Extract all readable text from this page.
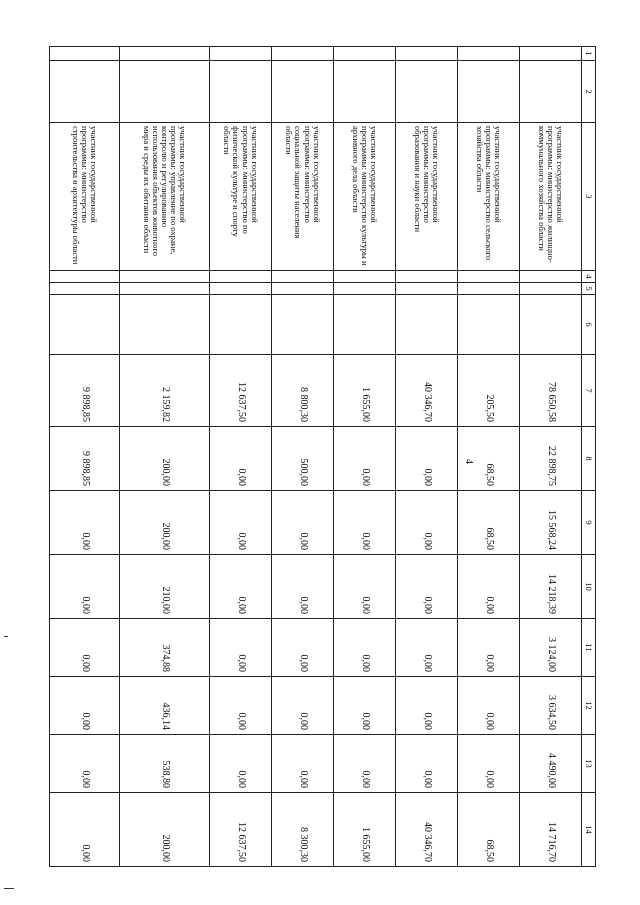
4
1	2	3	4	5	6	7	8	9	10	11	12	13	14
		участник государственной программы: министерство жилищно-коммунального хозяйства области				78 650,58	22 898,75	15 568,24	14 218,39	3 124,00	3 634,50	4 490,00	14 716,70
		участник государственной программы: министерство сельского хозяйства области				205,50	68,50	68,50	0,00	0,00	0,00	0,00	68,50
		участник государственной программы: министерство образования и науки области				40 346,70	0,00	0,00	0,00	0,00	0,00	0,00	40 346,70
		участник государственной программы: министерство культуры и архивного дела области				1 655,00	0,00	0,00	0,00	0,00	0,00	0,00	1 655,00
		участник государственной программы: министерство социальной защиты населения области				8 800,30	500,00	0,00	0,00	0,00	0,00	0,00	8 300,30
		участник государственной программы: министерство по физической культуре и спорту области				12 637,50	0,00	0,00	0,00	0,00	0,00	0,00	12 637,50
		участник государственной программы: управление по охране, контролю и регулированию использования объектов животного мира и среды их обитания области				2 159,82	200,00	200,00	210,00	374,88	436,14	538,80	200,00
		участник государственной программы: министерство строительства и архитектуры области				9 898,85	9 898,85	0,00	0,00	0,00	0,00	0,00	0,00
